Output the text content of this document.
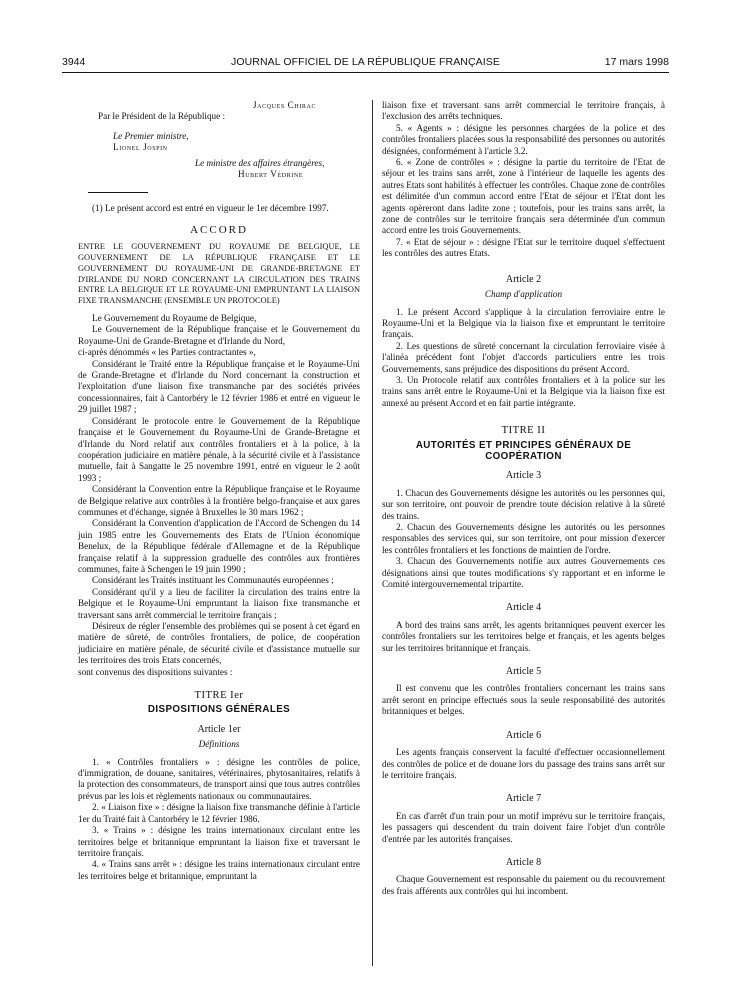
3944	JOURNAL OFFICIEL DE LA RÉPUBLIQUE FRANÇAISE	17 mars 1998
Jacques Chirac
Par le Président de la République :
Le Premier ministre,
Lionel Jospin
Le ministre des affaires étrangères,
Hubert Védrine

(1) Le présent accord est entré en vigueur le 1er décembre 1997.

ACCORD
ENTRE LE GOUVERNEMENT DU ROYAUME DE BELGIQUE, LE GOUVERNEMENT DE LA RÉPUBLIQUE FRANÇAISE ET LE GOUVERNEMENT DU ROYAUME-UNI DE GRANDE-BRETAGNE ET D'IRLANDE DU NORD CONCERNANT LA CIRCULATION DES TRAINS ENTRE LA BELGIQUE ET LE ROYAUME-UNI EMPRUNTANT LA LIAISON FIXE TRANSMANCHE (ENSEMBLE UN PROTOCOLE)

Le Gouvernement du Royaume de Belgique,

Le Gouvernement de la République française et le Gouvernement du Royaume-Uni de Grande-Bretagne et d'Irlande du Nord,

ci-après dénommés « les Parties contractantes »,

Considérant le Traité entre la République française et le Royaume-Uni de Grande-Bretagne et d'Irlande du Nord concernant la construction et l'exploitation d'une liaison fixe transmanche par des sociétés privées concessionnaires, fait à Cantorbéry le 12 février 1986 et entré en vigueur le 29 juillet 1987 ;

Considérant le protocole entre le Gouvernement de la République française et le Gouvernement du Royaume-Uni de Grande-Bretagne et d'Irlande du Nord relatif aux contrôles frontaliers et à la police, à la coopération judiciaire en matière pénale, à la sécurité civile et à l'assistance mutuelle, fait à Sangatte le 25 novembre 1991, entré en vigueur le 2 août 1993 ;

Considérant la Convention entre la République française et le Royaume de Belgique relative aux contrôles à la frontière belgo-française et aux gares communes et d'échange, signée à Bruxelles le 30 mars 1962 ;

Considérant la Convention d'application de l'Accord de Schengen du 14 juin 1985 entre les Gouvernements des Etats de l'Union économique Benelux, de la République fédérale d'Allemagne et de la République française relatif à la suppression graduelle des contrôles aux frontières communes, faite à Schengen le 19 juin 1990 ;

Considérant les Traités instituant les Communautés européennes ;

Considérant qu'il y a lieu de faciliter la circulation des trains entre la Belgique et le Royaume-Uni empruntant la liaison fixe transmanche et traversant sans arrêt commercial le territoire français ;

Désireux de régler l'ensemble des problèmes qui se posent à cet égard en matière de sûreté, de contrôles frontaliers, de police, de coopération judiciaire en matière pénale, de sécurité civile et d'assistance mutuelle sur les territoires des trois Etats concernés,

sont convenus des dispositions suivantes :

TITRE Ier
DISPOSITIONS GÉNÉRALES
Article 1er
Définitions

1. « Contrôles frontaliers » : désigne les contrôles de police, d'immigration, de douane, sanitaires, vétérinaires, phytosanitaires, relatifs à la protection des consommateurs, de transport ainsi que tous autres contrôles prévus par les lois et règlements nationaux ou communautaires.

2. « Liaison fixe » : désigne la liaison fixe transmanche définie à l'article 1er du Traité fait à Cantorbéry le 12 février 1986.

3. « Trains » : désigne les trains internationaux circulant entre les territoires belge et britannique empruntant la liaison fixe et traversant le territoire français.

4. « Trains sans arrêt » : désigne les trains internationaux circulant entre les territoires belge et britannique, empruntant la

liaison fixe et traversant sans arrêt commercial le territoire français, à l'exclusion des arrêts techniques.

5. « Agents » : désigne les personnes chargées de la police et des contrôles frontaliers placées sous la responsabilité des personnes ou autorités désignées, conformément à l'article 3.2.

6. « Zone de contrôles » : désigne la partie du territoire de l'Etat de séjour et les trains sans arrêt, zone à l'intérieur de laquelle les agents des autres Etats sont habilités à effectuer les contrôles. Chaque zone de contrôles est délimitée d'un commun accord entre l'Etat de séjour et l'Etat dont les agents opèreront dans ladite zone ; toutefois, pour les trains sans arrêt, la zone de contrôles sur le territoire français sera déterminée d'un commun accord entre les trois Gouvernements.

7. « Etat de séjour » : désigne l'Etat sur le territoire duquel s'effectuent les contrôles des autres Etats.

Article 2
Champ d'application

1. Le présent Accord s'applique à la circulation ferroviaire entre le Royaume-Uni et la Belgique via la liaison fixe et empruntant le territoire français.

2. Les questions de sûreté concernant la circulation ferroviaire visée à l'alinéa précédent font l'objet d'accords particuliers entre les trois Gouvernements, sans préjudice des dispositions du présent Accord.

3. Un Protocole relatif aux contrôles frontaliers et à la police sur les trains sans arrêt entre le Royaume-Uni et la Belgique via la liaison fixe est annexé au présent Accord et en fait partie intégrante.

TITRE II
AUTORITÉS ET PRINCIPES GÉNÉRAUX DE COOPÉRATION
Article 3

1. Chacun des Gouvernements désigne les autorités ou les personnes qui, sur son territoire, ont pouvoir de prendre toute décision relative à la sûreté des trains.

2. Chacun des Gouvernements désigne les autorités ou les personnes responsables des services qui, sur son territoire, ont pour mission d'exercer les contrôles frontaliers et les fonctions de maintien de l'ordre.

3. Chacun des Gouvernements notifie aux autres Gouvernements ces désignations ainsi que toutes modifications s'y rapportant et en informe le Comité intergouvernemental tripartite.

Article 4

A bord des trains sans arrêt, les agents britanniques peuvent exercer les contrôles frontaliers sur les territoires belge et français, et les agents belges sur les territoires britannique et français.

Article 5

Il est convenu que les contrôles frontaliers concernant les trains sans arrêt seront en principe effectués sous la seule responsabilité des autorités britanniques et belges.

Article 6

Les agents français conservent la faculté d'effectuer occasionnellement des contrôles de police et de douane lors du passage des trains sans arrêt sur le territoire français.

Article 7

En cas d'arrêt d'un train pour un motif imprévu sur le territoire français, les passagers qui descendent du train doivent faire l'objet d'un contrôle d'entrée par les autorités françaises.

Article 8

Chaque Gouvernement est responsable du paiement ou du recouvrement des frais afférents aux contrôles qui lui incombent.
